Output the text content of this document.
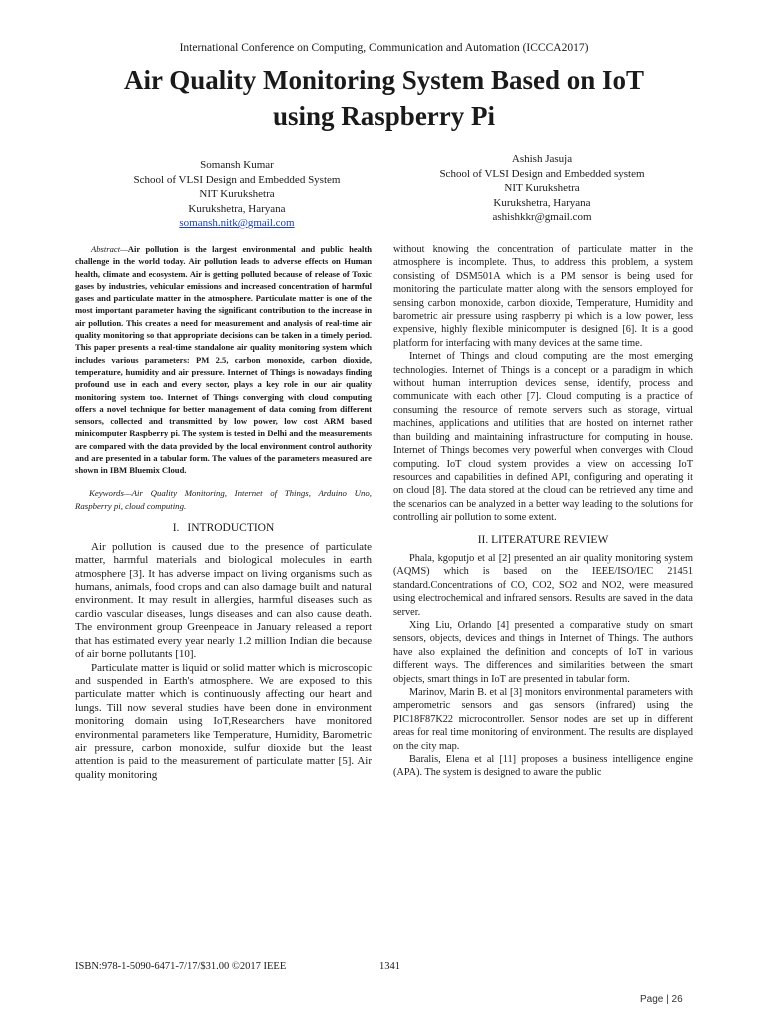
International Conference on Computing, Communication and Automation (ICCCA2017)
Air Quality Monitoring System Based on IoT
using Raspberry Pi
Somansh Kumar
School of VLSI Design and Embedded System
NIT Kurukshetra
Kurukshetra, Haryana
somansh.nitk@gmail.com
Ashish Jasuja
School of VLSI Design and Embedded system
NIT Kurukshetra
Kurukshetra, Haryana
ashishkkr@gmail.com

Abstract—Air pollution is the largest environmental and public health challenge in the world today. Air pollution leads to adverse effects on Human health, climate and ecosystem. Air is getting polluted because of release of Toxic gases by industries, vehicular emissions and increased concentration of harmful gases and particulate matter in the atmosphere. Particulate matter is one of the most important parameter having the significant contribution to the increase in air pollution. This creates a need for measurement and analysis of real-time air quality monitoring so that appropriate decisions can be taken in a timely period. This paper presents a real-time standalone air quality monitoring system which includes various parameters: PM 2.5, carbon monoxide, carbon dioxide, temperature, humidity and air pressure. Internet of Things is nowadays finding profound use in each and every sector, plays a key role in our air quality monitoring system too. Internet of Things converging with cloud computing offers a novel technique for better management of data coming from different sensors, collected and transmitted by low power, low cost ARM based minicomputer Raspberry pi. The system is tested in Delhi and the measurements are compared with the data provided by the local environment control authority and are presented in a tabular form. The values of the parameters measured are shown in IBM Bluemix Cloud.

Keywords—Air Quality Monitoring, Internet of Things, Arduino Uno, Raspberry pi, cloud computing.

I. INTRODUCTION

Air pollution is caused due to the presence of particulate matter, harmful materials and biological molecules in earth atmosphere [3]. It has adverse impact on living organisms such as humans, animals, food crops and can also damage built and natural environment. It may result in allergies, harmful diseases such as cardio vascular diseases, lungs diseases and can also cause death. The environment group Greenpeace in January released a report that has estimated every year nearly 1.2 million Indian die because of air borne pollutants [10].

Particulate matter is liquid or solid matter which is microscopic and suspended in Earth's atmosphere. We are exposed to this particulate matter which is continuously affecting our heart and lungs. Till now several studies have been done in environment monitoring domain using IoT,Researchers have monitored environmental parameters like Temperature, Humidity, Barometric air pressure, carbon monoxide, sulfur dioxide but the least attention is paid to the measurement of particulate matter [5]. Air quality monitoring

without knowing the concentration of particulate matter in the atmosphere is incomplete. Thus, to address this problem, a system consisting of DSM501A which is a PM sensor is being used for monitoring the particulate matter along with the sensors employed for sensing carbon monoxide, carbon dioxide, Temperature, Humidity and barometric air pressure using raspberry pi which is a low power, less expensive, highly flexible minicomputer is designed [6]. It is a good platform for interfacing with many devices at the same time.

Internet of Things and cloud computing are the most emerging technologies. Internet of Things is a concept or a paradigm in which without human interruption devices sense, identify, process and communicate with each other [7]. Cloud computing is a practice of consuming the resource of remote servers such as storage, virtual machines, applications and utilities that are hosted on internet rather than building and maintaining infrastructure for computing in house. Internet of Things becomes very powerful when converges with Cloud computing. IoT cloud system provides a view on accessing IoT resources and capabilities in defined API, configuring and operating it on cloud [8]. The data stored at the cloud can be retrieved any time and the scenarios can be analyzed in a better way leading to the solutions for controlling air pollution to some extent.

II. LITERATURE REVIEW

Phala, kgoputjo et al [2] presented an air quality monitoring system (AQMS) which is based on the IEEE/ISO/IEC 21451 standard.Concentrations of CO, CO2, SO2 and NO2, were measured using electrochemical and infrared sensors. Results are saved in the data server.

Xing Liu, Orlando [4] presented a comparative study on smart sensors, objects, devices and things in Internet of Things. The authors have also explained the definition and concepts of IoT in various different ways. The differences and similarities between the smart objects, smart things in IoT are presented in tabular form.

Marinov, Marin B. et al [3] monitors environmental parameters with amperometric sensors and gas sensors (infrared) using the PIC18F87K22 microcontroller. Sensor nodes are set up in different areas for real time monitoring of environment. The results are displayed on the city map.

Baralis, Elena et al [11] proposes a business intelligence engine (APA). The system is designed to aware the public

ISBN:978-1-5090-6471-7/17/$31.00 ©2017 IEEE	1341
Page | 26
